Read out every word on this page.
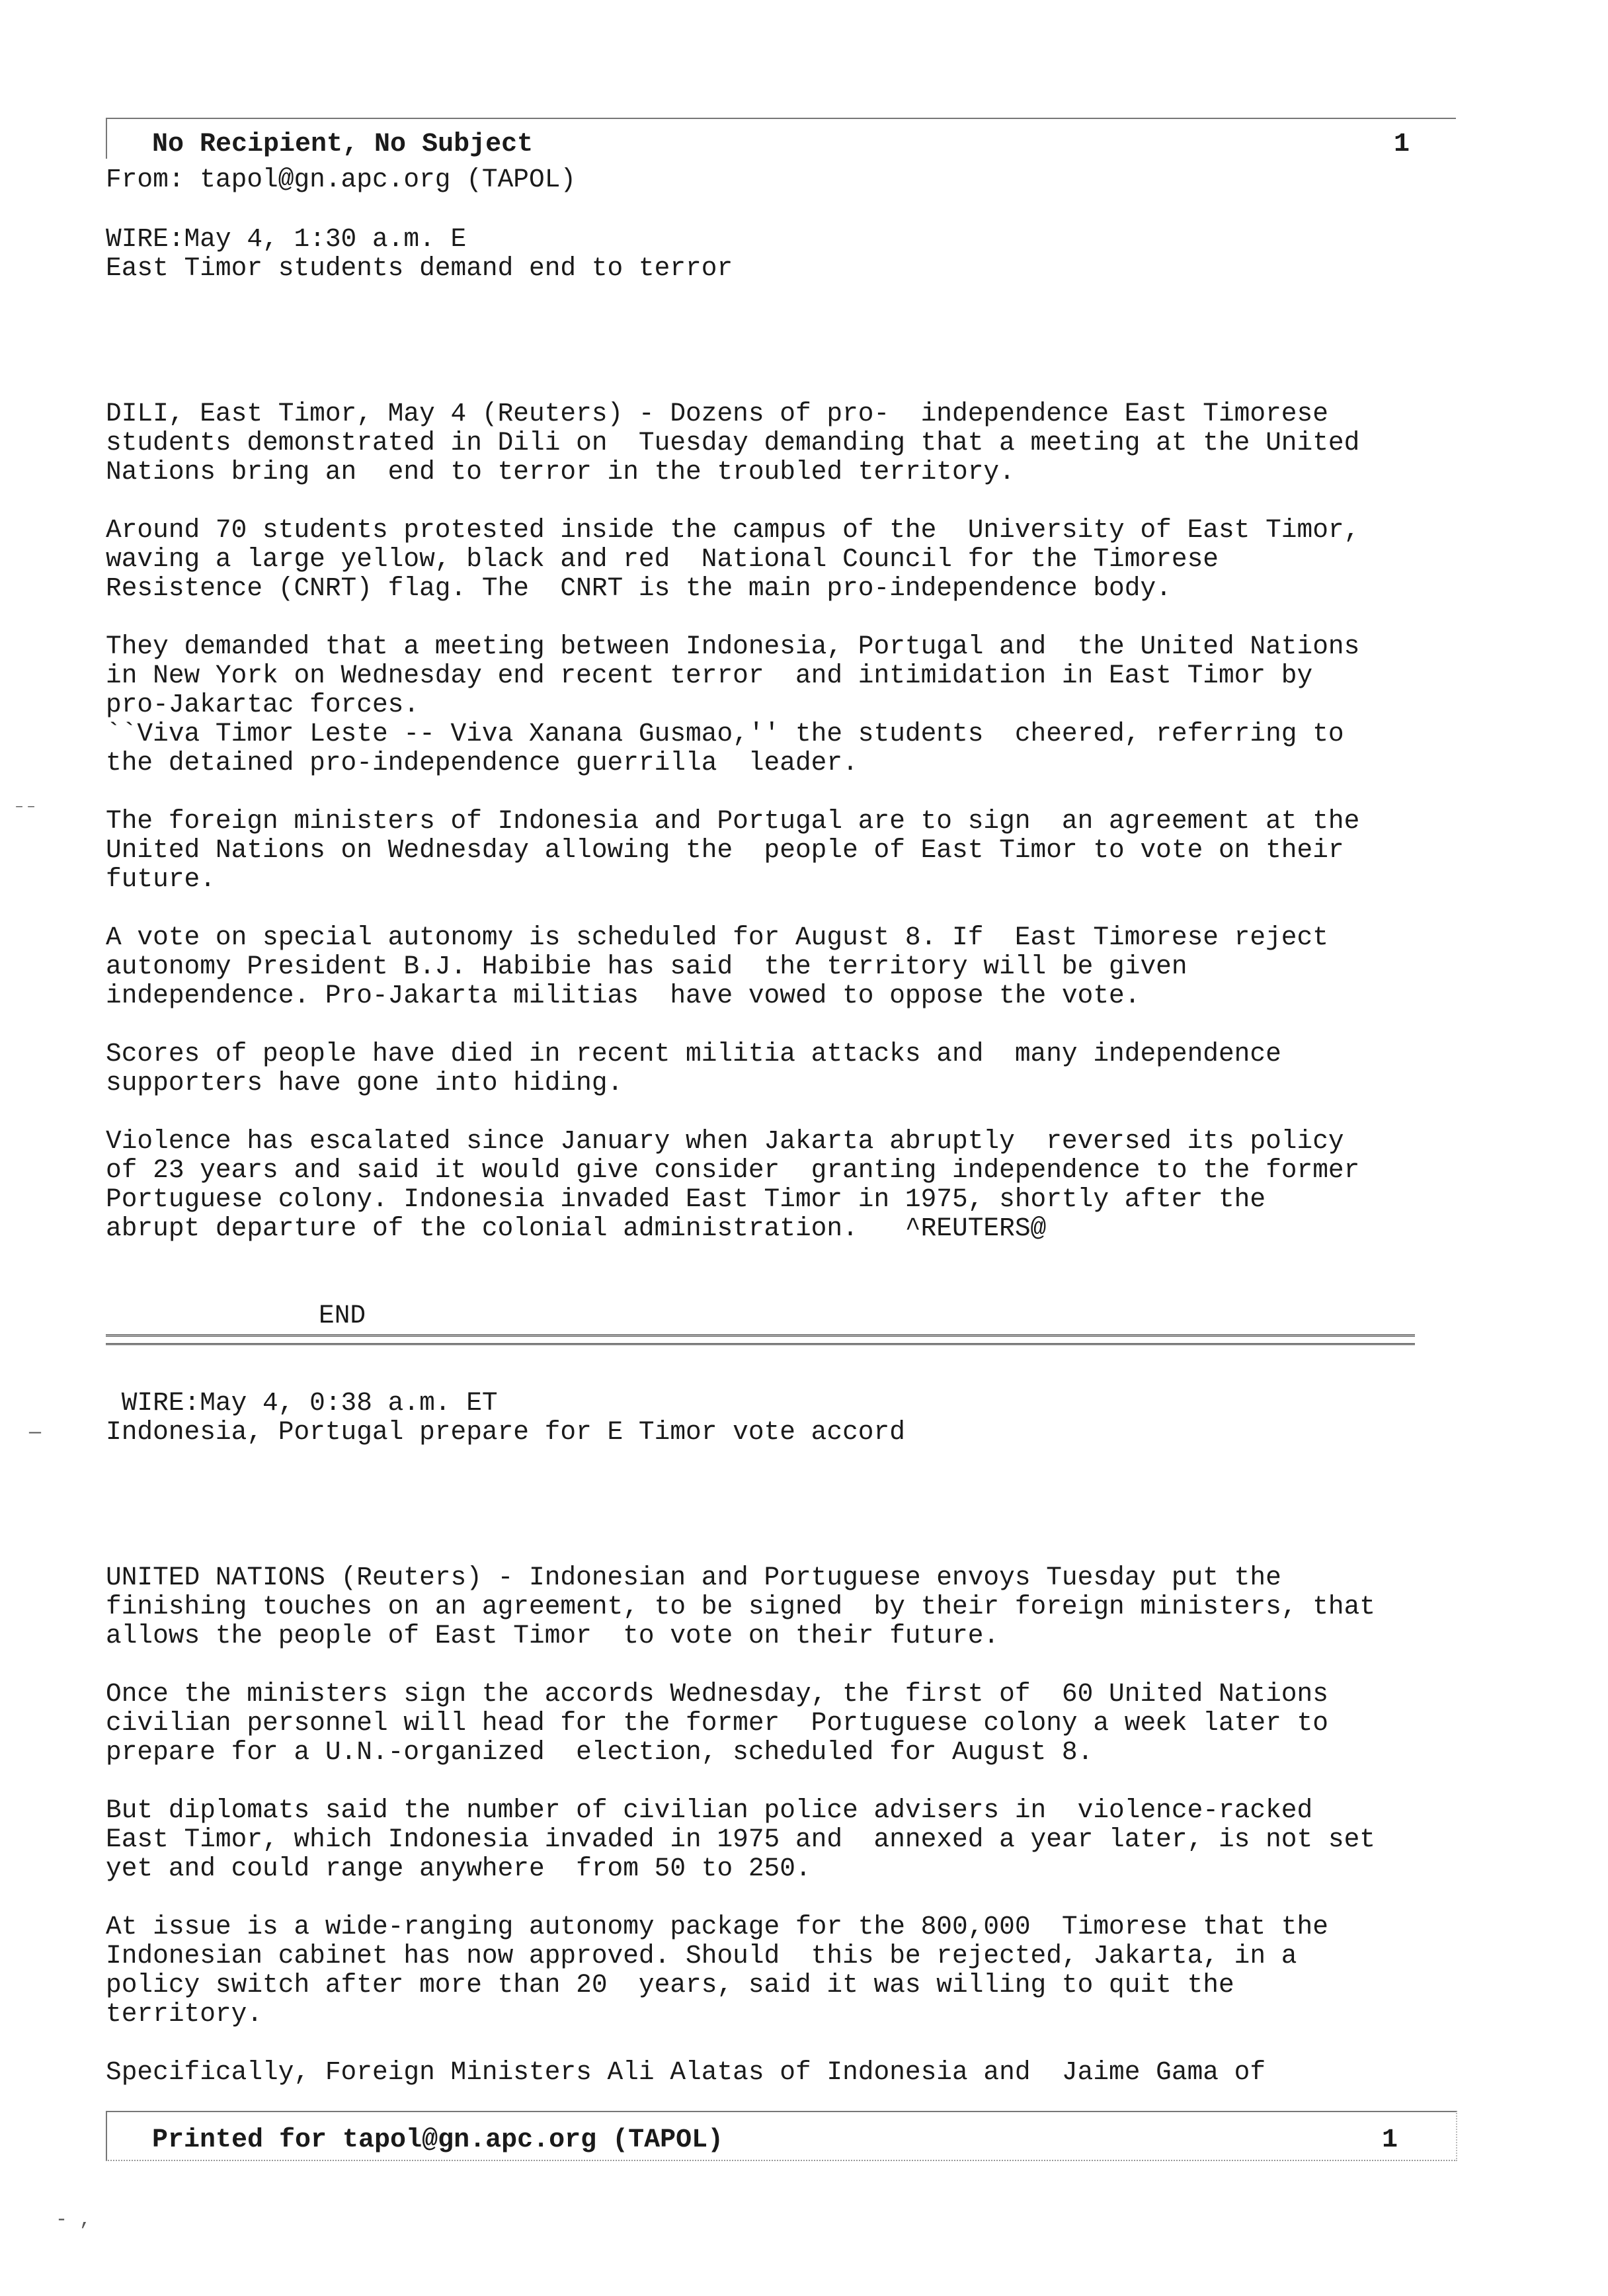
No Recipient, No Subject	1
From: tapol@gn.apc.org (TAPOL)
WIRE:May 4, 1:30 a.m. E
East Timor students demand end to terror
DILI, East Timor, May 4 (Reuters) - Dozens of pro-  independence East Timorese
students demonstrated in Dili on  Tuesday demanding that a meeting at the United
Nations bring an  end to terror in the troubled territory.
Around 70 students protested inside the campus of the  University of East Timor,
waving a large yellow, black and red  National Council for the Timorese
Resistence (CNRT) flag. The  CNRT is the main pro-independence body.
They demanded that a meeting between Indonesia, Portugal and  the United Nations
in New York on Wednesday end recent terror  and intimidation in East Timor by
pro-Jakartac forces.
``Viva Timor Leste -- Viva Xanana Gusmao,'' the students  cheered, referring to
the detained pro-independence guerrilla  leader.
The foreign ministers of Indonesia and Portugal are to sign  an agreement at the
United Nations on Wednesday allowing the  people of East Timor to vote on their
future.
A vote on special autonomy is scheduled for August 8. If  East Timorese reject
autonomy President B.J. Habibie has said  the territory will be given
independence. Pro-Jakarta militias  have vowed to oppose the vote.
Scores of people have died in recent militia attacks and  many independence
supporters have gone into hiding.
Violence has escalated since January when Jakarta abruptly  reversed its policy
of 23 years and said it would give consider  granting independence to the former
Portuguese colony. Indonesia invaded East Timor in 1975, shortly after the
abrupt departure of the colonial administration.   ^REUTERS@
END
WIRE:May 4, 0:38 a.m. ET
Indonesia, Portugal prepare for E Timor vote accord
UNITED NATIONS (Reuters) - Indonesian and Portuguese envoys Tuesday put the
finishing touches on an agreement, to be signed  by their foreign ministers, that
allows the people of East Timor  to vote on their future.
Once the ministers sign the accords Wednesday, the first of  60 United Nations
civilian personnel will head for the former  Portuguese colony a week later to
prepare for a U.N.-organized  election, scheduled for August 8.
But diplomats said the number of civilian police advisers in  violence-racked
East Timor, which Indonesia invaded in 1975 and  annexed a year later, is not set
yet and could range anywhere  from 50 to 250.
At issue is a wide-ranging autonomy package for the 800,000  Timorese that the
Indonesian cabinet has now approved. Should  this be rejected, Jakarta, in a
policy switch after more than 20  years, said it was willing to quit the
territory.
Specifically, Foreign Ministers Ali Alatas of Indonesia and  Jaime Gama of
Printed for tapol@gn.apc.org (TAPOL)	1
⁻⁻
—
- ,
